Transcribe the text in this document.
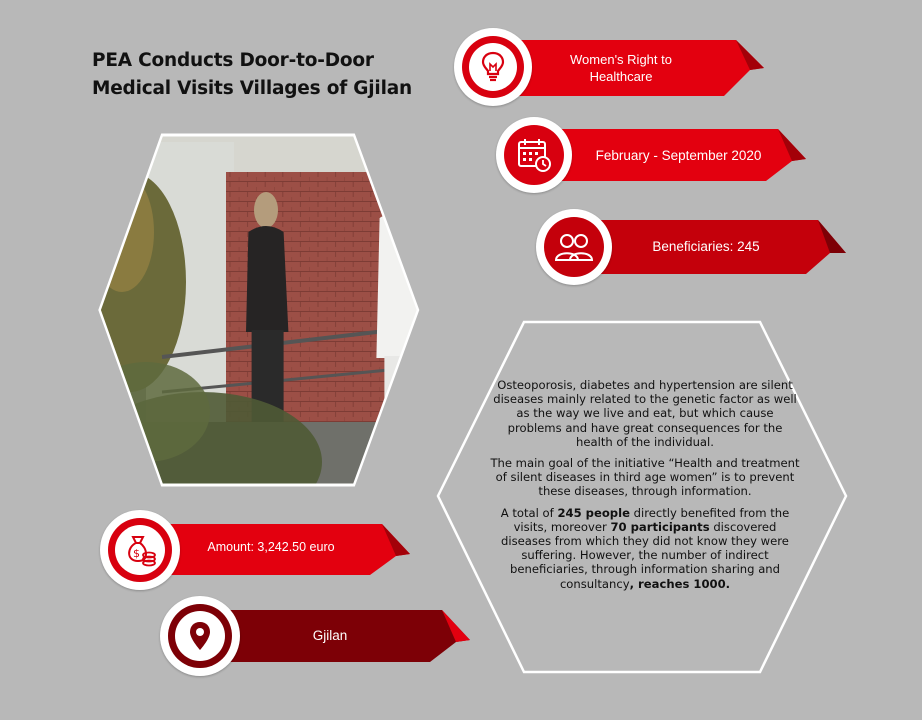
PEA Conducts Door-to-Door
Medical Visits Villages of Gjilan

Osteoporosis, diabetes and hypertension are silent diseases mainly related to the genetic factor as well as the way we live and eat, but which cause problems and have great consequences for the health of the individual.

The main goal of the initiative “Health and treatment of silent diseases in third age women” is to prevent these diseases, through information.

A total of 245 people directly benefited from the visits, moreover 70 participants discovered diseases from which they did not know they were suffering. However, the number of indirect beneficiaries, through information sharing and consultancy, reaches 1000.

Women's Right to Healthcare
February - September 2020
Beneficiaries: 245
Amount: 3,242.50 euro
$
Gjilan
